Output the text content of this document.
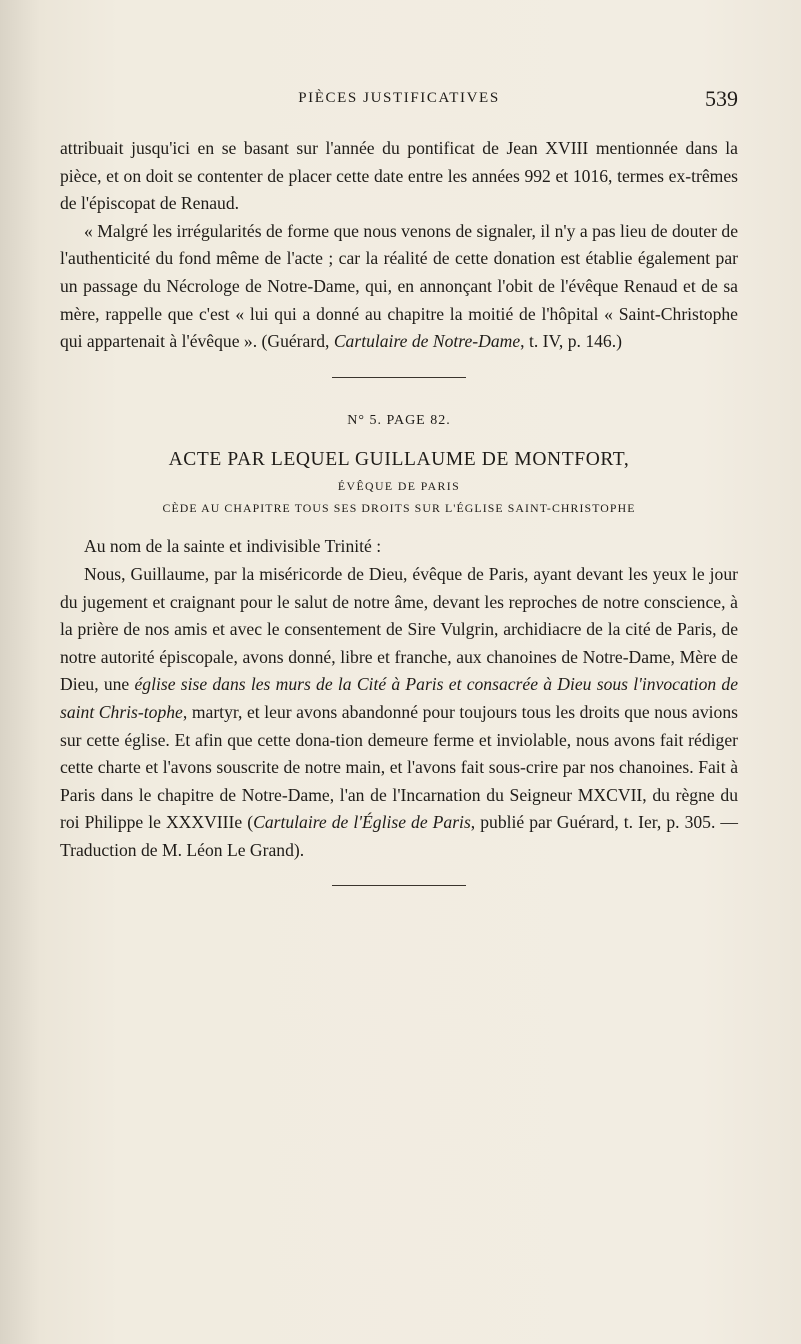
PIÈCES JUSTIFICATIVES	539

attribuait jusqu'ici en se basant sur l'année du pontificat de Jean XVIII mentionnée dans la pièce, et on doit se contenter de placer cette date entre les années 992 et 1016, termes ex-trêmes de l'épiscopat de Renaud.

« Malgré les irrégularités de forme que nous venons de signaler, il n'y a pas lieu de douter de l'authenticité du fond même de l'acte ; car la réalité de cette donation est établie également par un passage du Nécrologe de Notre-Dame, qui, en annonçant l'obit de l'évêque Renaud et de sa mère, rappelle que c'est « lui qui a donné au chapitre la moitié de l'hôpital « Saint-Christophe qui appartenait à l'évêque ». (Guérard, Cartulaire de Notre-Dame, t. IV, p. 146.)

N° 5. PAGE 82.
ACTE PAR LEQUEL GUILLAUME DE MONTFORT,
ÉVÊQUE DE PARIS
CÈDE AU CHAPITRE TOUS SES DROITS SUR L'ÉGLISE SAINT-CHRISTOPHE

Au nom de la sainte et indivisible Trinité :

Nous, Guillaume, par la miséricorde de Dieu, évêque de Paris, ayant devant les yeux le jour du jugement et craignant pour le salut de notre âme, devant les reproches de notre conscience, à la prière de nos amis et avec le consentement de Sire Vulgrin, archidiacre de la cité de Paris, de notre autorité épiscopale, avons donné, libre et franche, aux chanoines de Notre-Dame, Mère de Dieu, une église sise dans les murs de la Cité à Paris et consacrée à Dieu sous l'invocation de saint Chris-tophe, martyr, et leur avons abandonné pour toujours tous les droits que nous avions sur cette église. Et afin que cette dona-tion demeure ferme et inviolable, nous avons fait rédiger cette charte et l'avons souscrite de notre main, et l'avons fait sous-crire par nos chanoines. Fait à Paris dans le chapitre de Notre-Dame, l'an de l'Incarnation du Seigneur MXCVII, du règne du roi Philippe le XXXVIIIe (Cartulaire de l'Église de Paris, publié par Guérard, t. Ier, p. 305. — Traduction de M. Léon Le Grand).
